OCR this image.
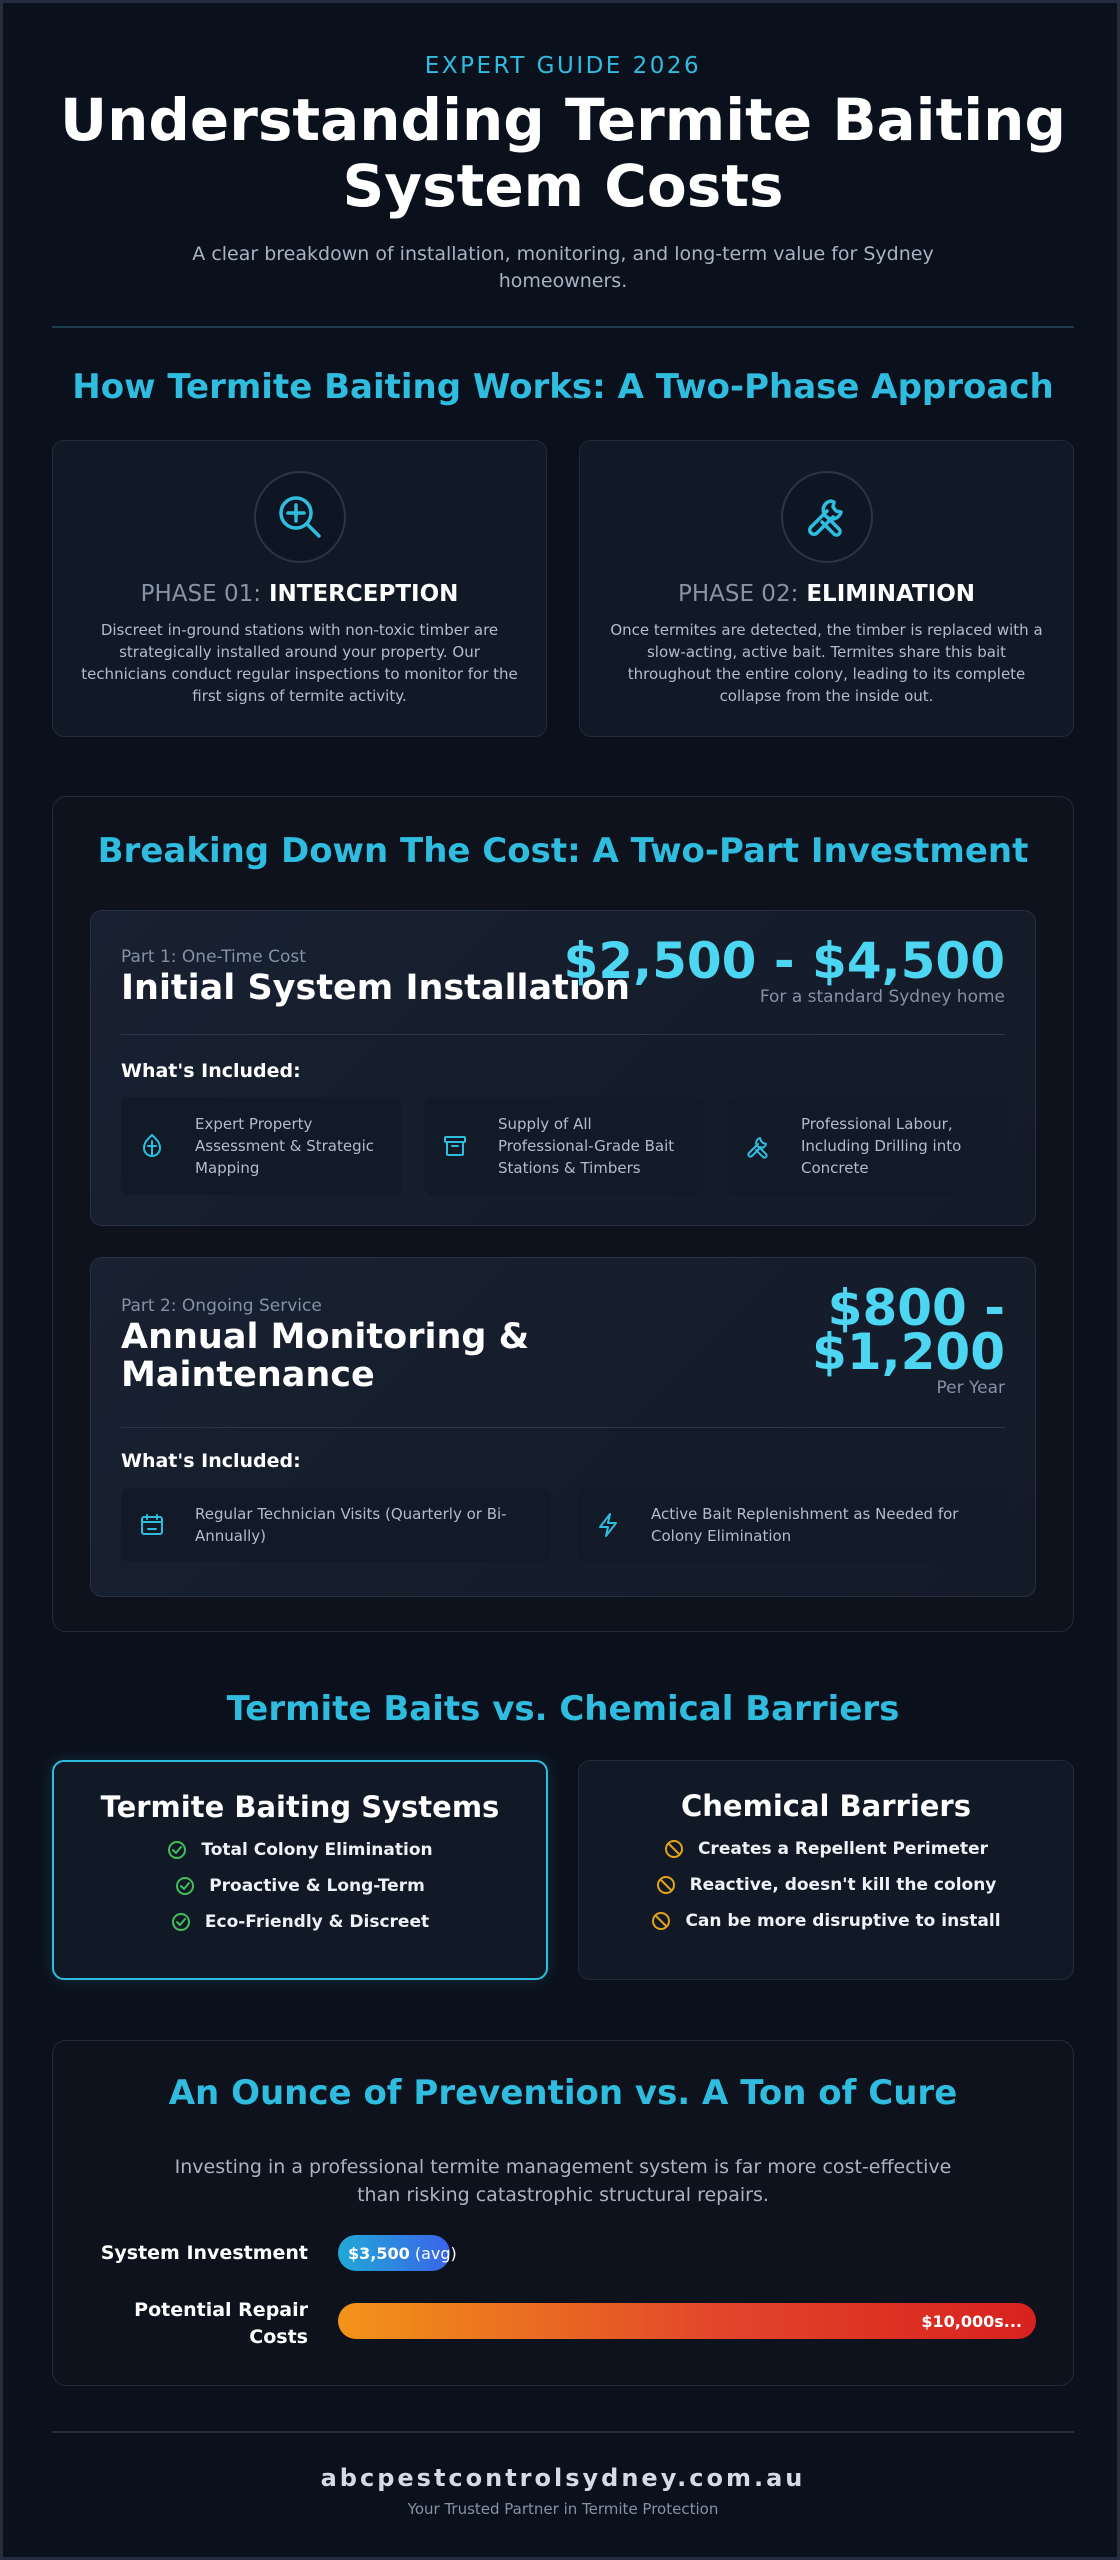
EXPERT GUIDE 2026
Understanding Termite Baiting System Costs
A clear breakdown of installation, monitoring, and long-term value for Sydney homeowners.
How Termite Baiting Works: A Two-Phase Approach
PHASE 01: INTERCEPTION
Discreet in-ground stations with non-toxic timber are strategically installed around your property. Our technicians conduct regular inspections to monitor for the first signs of termite activity.
PHASE 02: ELIMINATION
Once termites are detected, the timber is replaced with a slow-acting, active bait. Termites share this bait throughout the entire colony, leading to its complete collapse from the inside out.
Breaking Down The Cost: A Two-Part Investment
Part 1: One-Time Cost
Initial System Installation
$2,500 - $4,500
For a standard Sydney home
What's Included:
Expert Property Assessment & Strategic Mapping
Supply of All Professional-Grade Bait Stations & Timbers
Professional Labour, Including Drilling into Concrete
Part 2: Ongoing Service
Annual Monitoring & Maintenance
$800 - $1,200
Per Year
What's Included:
Regular Technician Visits (Quarterly or Bi-Annually)
Active Bait Replenishment as Needed for Colony Elimination
Termite Baits vs. Chemical Barriers
Termite Baiting Systems
Total Colony Elimination
Proactive & Long-Term
Eco-Friendly & Discreet
Chemical Barriers
Creates a Repellent Perimeter
Reactive, doesn't kill the colony
Can be more disruptive to install
An Ounce of Prevention vs. A Ton of Cure
Investing in a professional termite management system is far more cost-effective than risking catastrophic structural repairs.
System Investment	$3,500
(avg)
Potential Repair Costs
$10,000s...
abcpestcontrolsydney.com.au
Your Trusted Partner in Termite Protection
